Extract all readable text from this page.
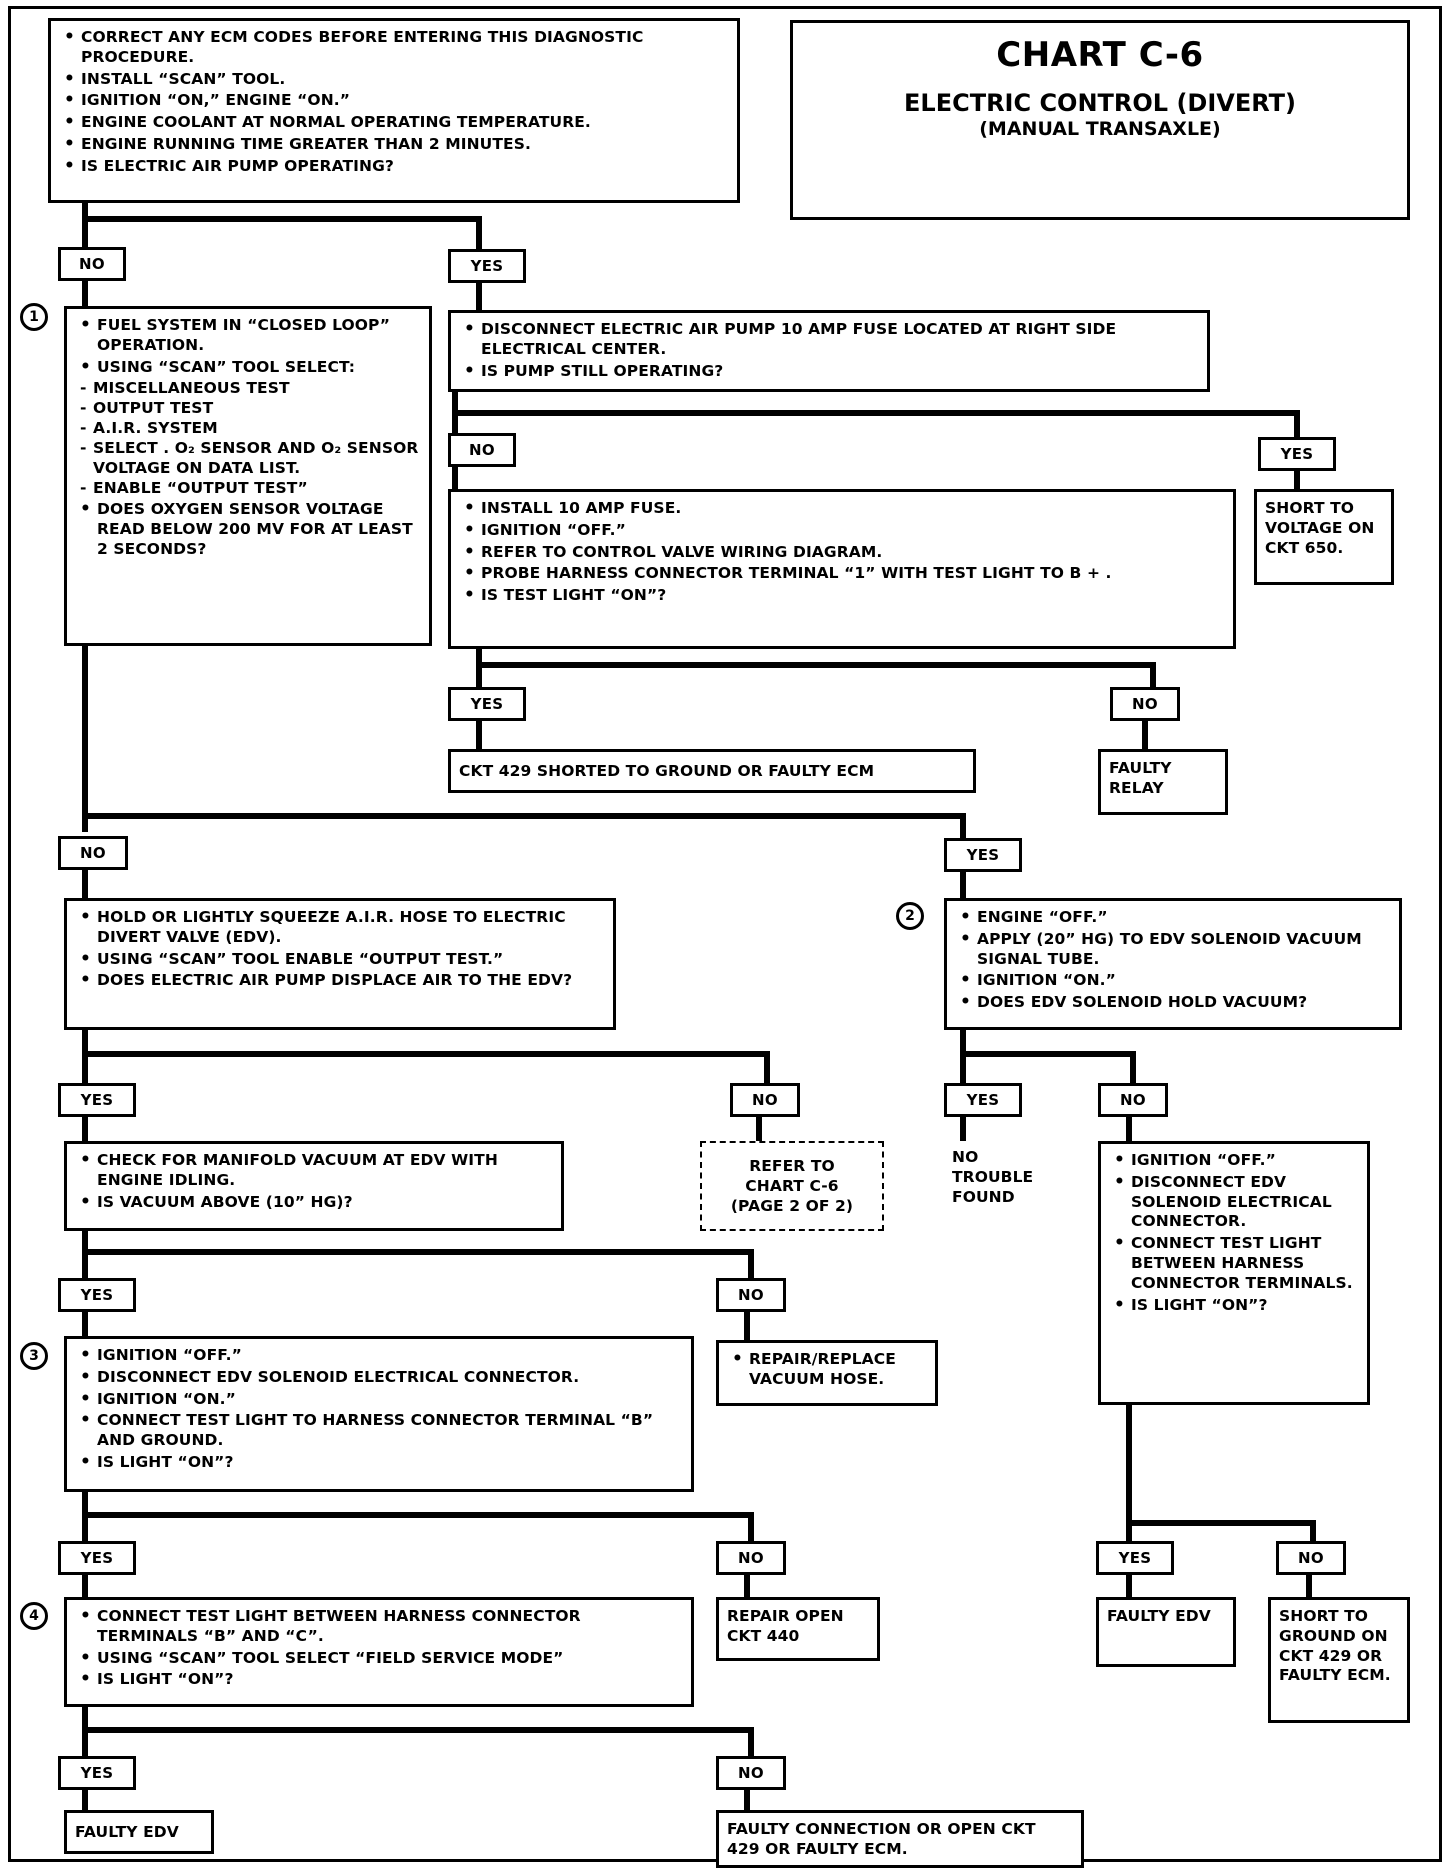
CHART C-6
ELECTRIC CONTROL (DIVERT)
(MANUAL TRANSAXLE)
• CORRECT ANY ECM CODES BEFORE ENTERING THIS DIAGNOSTIC PROCEDURE.
• INSTALL “SCAN” TOOL.
• IGNITION “ON,” ENGINE “ON.”
• ENGINE COOLANT AT NORMAL OPERATING TEMPERATURE.
• ENGINE RUNNING TIME GREATER THAN 2 MINUTES.
• IS ELECTRIC AIR PUMP OPERATING?
NO	YES
1	• FUEL SYSTEM IN “CLOSED LOOP” OPERATION.
• USING “SCAN” TOOL SELECT:
- MISCELLANEOUS TEST
- OUTPUT TEST
- A.I.R. SYSTEM
- SELECT . O₂ SENSOR AND O₂ SENSOR VOLTAGE ON DATA LIST.
- ENABLE “OUTPUT TEST”
• DOES OXYGEN SENSOR VOLTAGE READ BELOW 200 MV FOR AT LEAST 2 SECONDS?
• DISCONNECT ELECTRIC AIR PUMP 10 AMP FUSE LOCATED AT RIGHT SIDE ELECTRICAL CENTER.
• IS PUMP STILL OPERATING?
NO	YES
SHORT TO VOLTAGE ON CKT 650.
• INSTALL 10 AMP FUSE.
• IGNITION “OFF.”
• REFER TO CONTROL VALVE WIRING DIAGRAM.
• PROBE HARNESS CONNECTOR TERMINAL “1” WITH TEST LIGHT TO B + .
• IS TEST LIGHT “ON”?
YES	NO
CKT 429 SHORTED TO GROUND OR FAULTY ECM	FAULTY RELAY
NO	YES
• HOLD OR LIGHTLY SQUEEZE A.I.R. HOSE TO ELECTRIC DIVERT VALVE (EDV).
• USING “SCAN” TOOL ENABLE “OUTPUT TEST.”
• DOES ELECTRIC AIR PUMP DISPLACE AIR TO THE EDV?
2	• ENGINE “OFF.”
• APPLY (20” HG) TO EDV SOLENOID VACUUM SIGNAL TUBE.
• IGNITION “ON.”
• DOES EDV SOLENOID HOLD VACUUM?
YES	NO	YES	NO
• CHECK FOR MANIFOLD VACUUM AT EDV WITH ENGINE IDLING.
• IS VACUUM ABOVE (10” HG)?
REFER TO
CHART C-6
(PAGE 2 OF 2)
NO TROUBLE FOUND
• IGNITION “OFF.”
• DISCONNECT EDV SOLENOID ELECTRICAL CONNECTOR.
• CONNECT TEST LIGHT BETWEEN HARNESS CONNECTOR TERMINALS.
• IS LIGHT “ON”?
YES	NO
3	• IGNITION “OFF.”
• DISCONNECT EDV SOLENOID ELECTRICAL CONNECTOR.
• IGNITION “ON.”
• CONNECT TEST LIGHT TO HARNESS CONNECTOR TERMINAL “B” AND GROUND.
• IS LIGHT “ON”?
• REPAIR/REPLACE VACUUM HOSE.
YES	NO
4	• CONNECT TEST LIGHT BETWEEN HARNESS CONNECTOR TERMINALS “B” AND “C”.
• USING “SCAN” TOOL SELECT “FIELD SERVICE MODE”
• IS LIGHT “ON”?
REPAIR OPEN CKT 440
YES	NO
FAULTY EDV	SHORT TO GROUND ON CKT 429 OR FAULTY ECM.
YES	NO
FAULTY EDV	FAULTY CONNECTION OR OPEN CKT 429 OR FAULTY ECM.
